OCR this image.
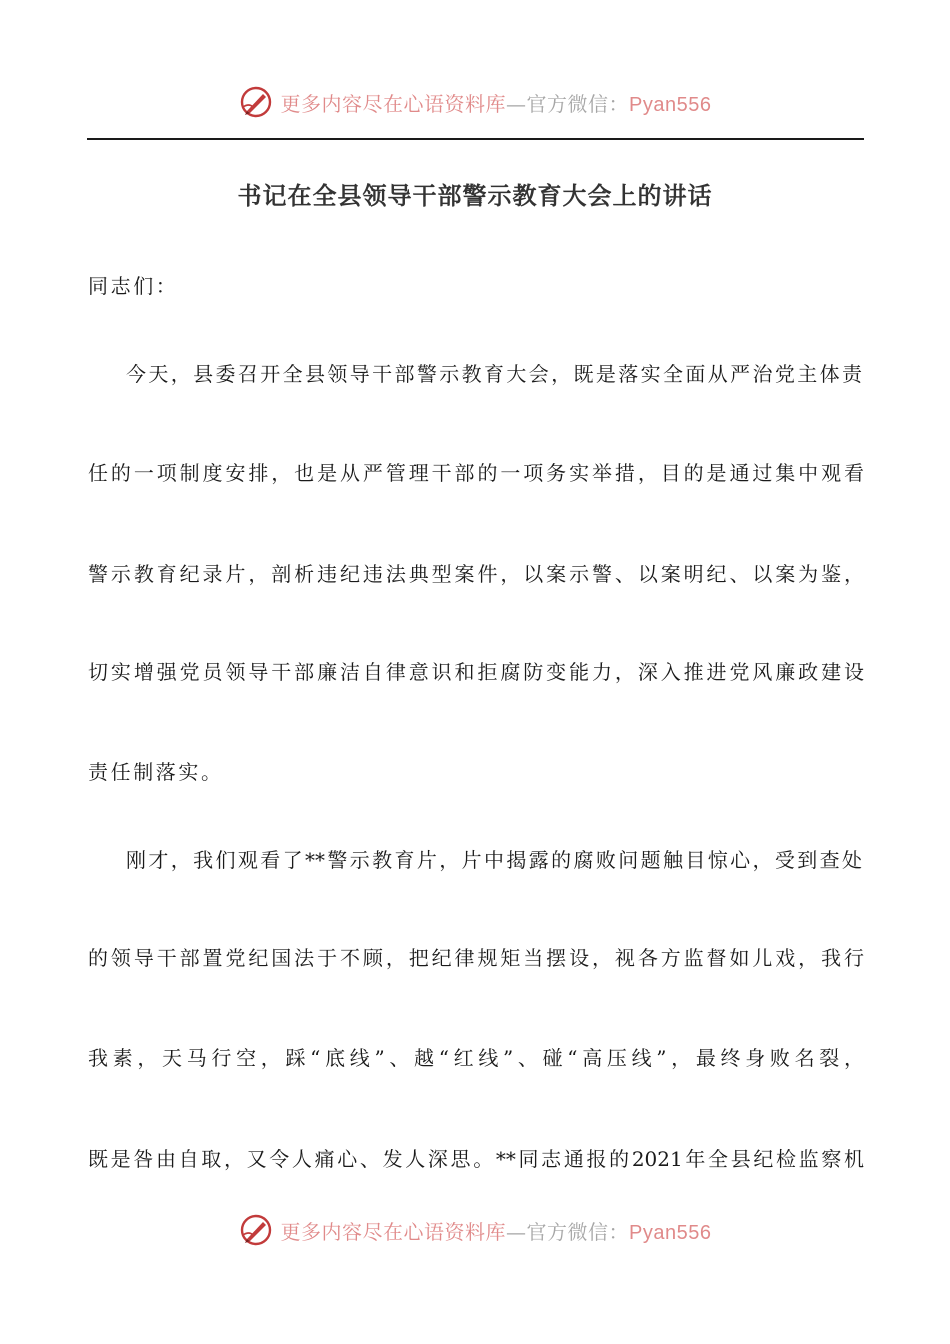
更多内容尽在心语资料库—官方微信：Pyan556
书记在全县领导干部警示教育大会上的讲话

同志们：

今天，县委召开全县领导干部警示教育大会，既是落实全面从严治党主体责

任的一项制度安排，也是从严管理干部的一项务实举措，目的是通过集中观看

警示教育纪录片，剖析违纪违法典型案件，以案示警、以案明纪、以案为鉴，

切实增强党员领导干部廉洁自律意识和拒腐防变能力，深入推进党风廉政建设

责任制落实。

刚才，我们观看了**警示教育片，片中揭露的腐败问题触目惊心，受到查处

的领导干部置党纪国法于不顾，把纪律规矩当摆设，视各方监督如儿戏，我行

我素，天马行空，踩“底线”、越“红线”、碰“高压线”，最终身败名裂，

既是咎由自取，又令人痛心、发人深思。**同志通报的2021年全县纪检监察机

更多内容尽在心语资料库—官方微信：Pyan556
